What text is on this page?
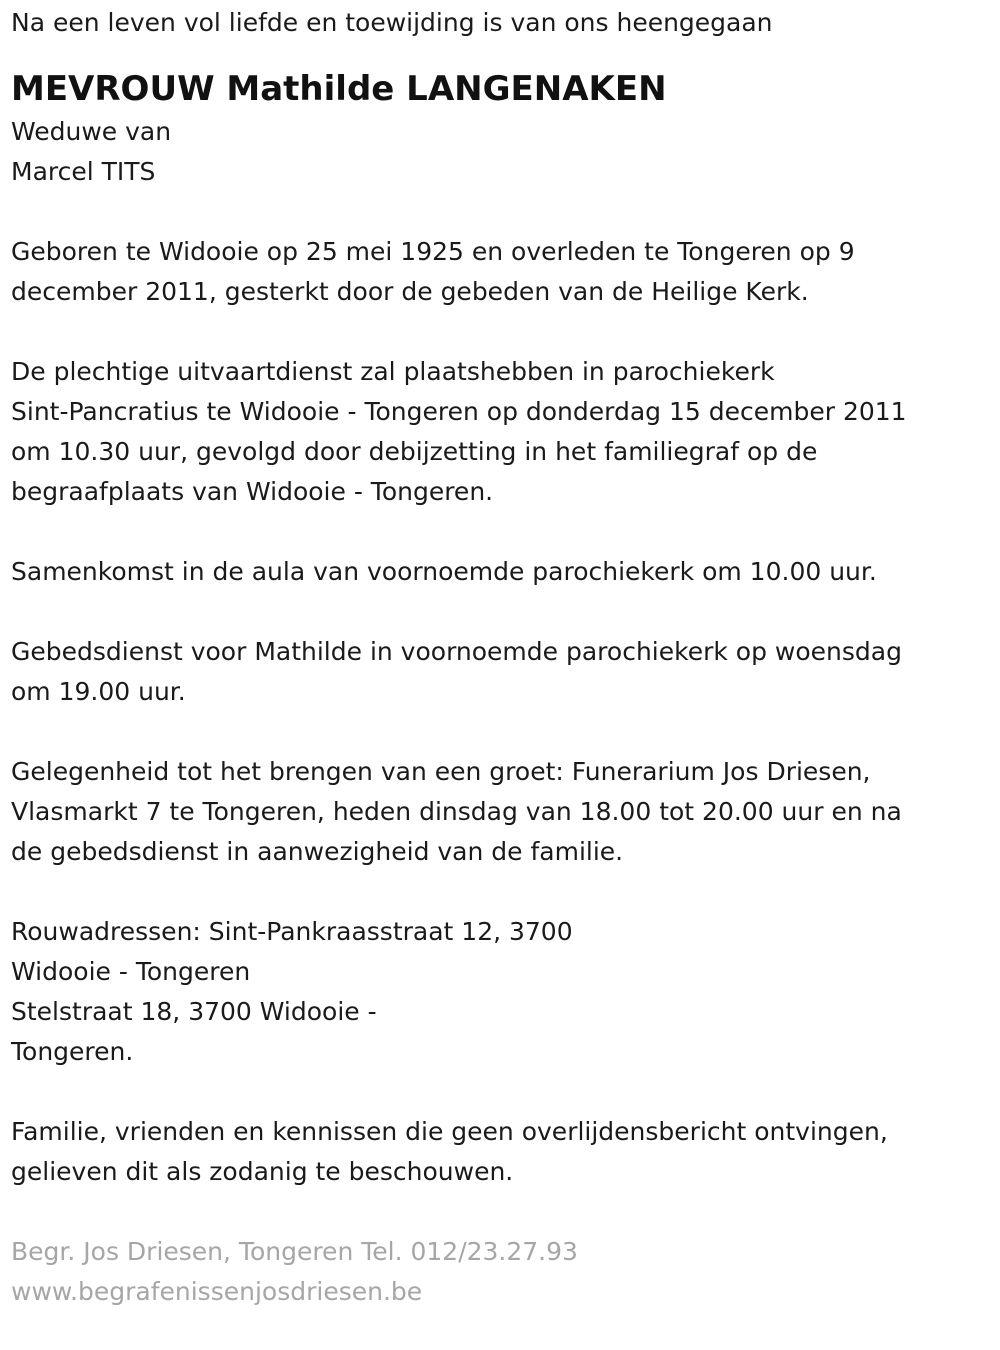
Na een leven vol liefde en toewijding is van ons heengegaan

MEVROUW Mathilde LANGENAKEN

Weduwe van

Marcel TITS

Geboren te Widooie op 25 mei 1925 en overleden te Tongeren op 9

december 2011, gesterkt door de gebeden van de Heilige Kerk.

De plechtige uitvaartdienst zal plaatshebben in parochiekerk

Sint-Pancratius te Widooie - Tongeren op donderdag 15 december 2011

om 10.30 uur, gevolgd door debijzetting in het familiegraf op de

begraafplaats van Widooie - Tongeren.

Samenkomst in de aula van voornoemde parochiekerk om 10.00 uur.

Gebedsdienst voor Mathilde in voornoemde parochiekerk op woensdag

om 19.00 uur.

Gelegenheid tot het brengen van een groet: Funerarium Jos Driesen,

Vlasmarkt 7 te Tongeren, heden dinsdag van 18.00 tot 20.00 uur en na

de gebedsdienst in aanwezigheid van de familie.

Rouwadressen: Sint-Pankraasstraat 12, 3700

Widooie - Tongeren

Stelstraat 18, 3700 Widooie -

Tongeren.

Familie, vrienden en kennissen die geen overlijdensbericht ontvingen,

gelieven dit als zodanig te beschouwen.

Begr. Jos Driesen, Tongeren Tel. 012/23.27.93

www.begrafenissenjosdriesen.be
